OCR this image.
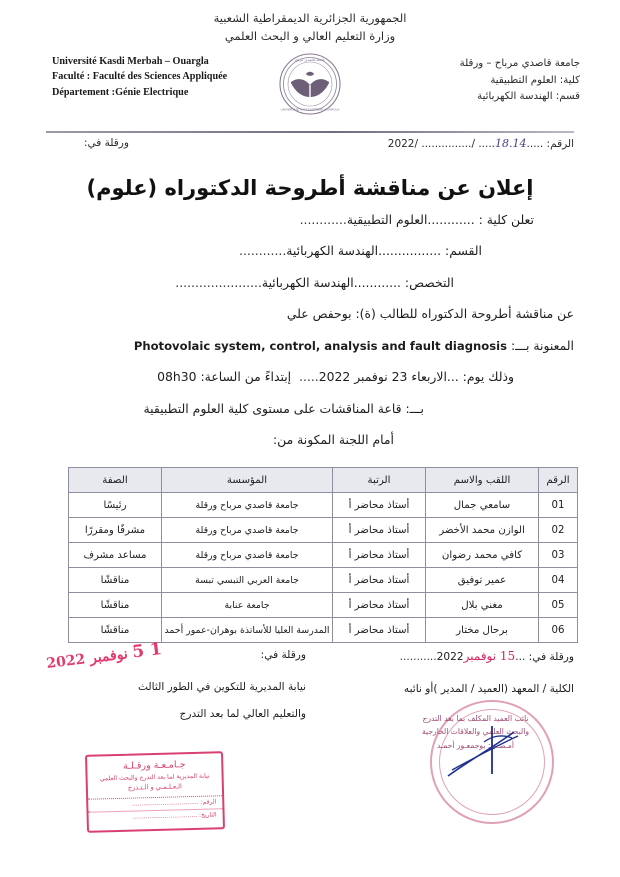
الجمهورية الجزائرية الديمقراطية الشعبية
وزارة التعليم العالي و البحث العلمي
Université Kasdi Merbah – Ouargla
Faculté : Faculté des Sciences Appliquée
Département :Génie Electrique
جامعة قاصدي مرباح
UNIVERSITE KASDI MERBAH OUARGLA
جامعة قاصدي مرباح – ورقلة
كلية: العلوم التطبيقية
قسم: الهندسة الكهربائية
الرقم: .....18.14..... /............... /2022
ورقلة في:
إعلان عن مناقشة أطروحة الدكتوراه (علوم)
تعلن كلية : ............العلوم التطبيقية............
القسم: ................الهندسة الكهربائية............
التخصص: ............الهندسة الكهربائية......................
عن مناقشة أطروحة الدكتوراه للطالب (ة): بوحفص علي
المعنونة بـــ: Photovolaic system, control, analysis and fault diagnosis
وذلك يوم: ...الاربعاء 23 نوفمبر 2022.....  إبتداءً من الساعة: 08h30
بـــ: قاعة المناقشات على مستوى كلية العلوم التطبيقية
أمام اللجنة المكونة من:
الرقم	اللقب والاسم	الرتبة	المؤسسة	الصفة
01	سامعي جمال	أستاذ محاضر أ	جامعة قاصدي مرباح ورقلة	رئيسًا
02	الوازن محمد الأخضر	أستاذ محاضر أ	جامعة قاصدي مرباح ورقلة	مشرفًا ومقررًا
03	كافي محمد رضوان	أستاذ محاضر أ	جامعة قاصدي مرباح ورقلة	مساعد مشرف
04	عمير توفيق	أستاذ محاضر أ	جامعة العربي التبسي تبسة	مناقشًا
05	مغني بلال	أستاذ محاضر أ	جامعة عنابة	مناقشًا
06	برحال مختار	أستاذ محاضر أ	المدرسة العليا للأساتذة بوهران-عمور أحمد	مناقشًا
ورقلة في: ...15 نوفمبر2022...........
الكلية / المعهد (العميد / المدير )أو نائبه
ورقلة في:
نيابة المديرية للتكوين في الطور الثالث
والتعليم العالي لما بعد التدرج
1 5 نوفمبر 2022
جـامـعـة ورقـلـة
نيابة المديرية لما بعد التدرج والبحث العلمي
الـعـلـمـي و الـتـدرج
الرقم: ...................................
التاريخ: ..................................
نائب العميد المكلف بما بعد التدرج
والبحث العلمي والعلاقات الخارجية
أمـضـى: بوجمعـور أحمـد
